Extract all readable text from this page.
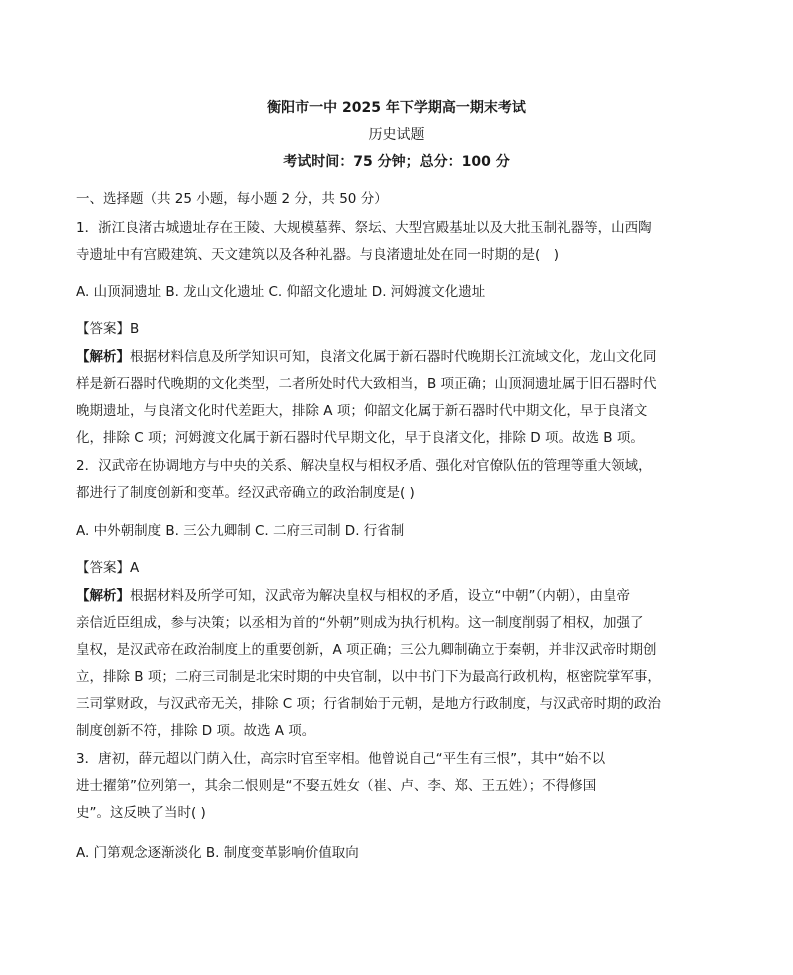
衡阳市一中 2025 年下学期高一期末考试
历史试题
考试时间：75 分钟；总分：100 分
一、选择题（共 25 小题，每小题 2 分，共 50 分）
1．浙江良渚古城遗址存在王陵、大规模墓葬、祭坛、大型宫殿基址以及大批玉制礼器等，山西陶
寺遗址中有宫殿建筑、天文建筑以及各种礼器。与良渚遗址处在同一时期的是(　)
A. 山顶洞遗址 B. 龙山文化遗址 C. 仰韶文化遗址 D. 河姆渡文化遗址
【答案】B
【解析】根据材料信息及所学知识可知，良渚文化属于新石器时代晚期长江流域文化，龙山文化同
样是新石器时代晚期的文化类型，二者所处时代大致相当，B 项正确；山顶洞遗址属于旧石器时代
晚期遗址，与良渚文化时代差距大，排除 A 项；仰韶文化属于新石器时代中期文化，早于良渚文
化，排除 C 项；河姆渡文化属于新石器时代早期文化，早于良渚文化，排除 D 项。故选 B 项。
2．汉武帝在协调地方与中央的关系、解决皇权与相权矛盾、强化对官僚队伍的管理等重大领域，
都进行了制度创新和变革。经汉武帝确立的政治制度是( )
A. 中外朝制度 B. 三公九卿制 C. 二府三司制 D. 行省制
【答案】A
【解析】根据材料及所学可知，汉武帝为解决皇权与相权的矛盾，设立“中朝”（内朝），由皇帝
亲信近臣组成，参与决策；以丞相为首的“外朝”则成为执行机构。这一制度削弱了相权，加强了
皇权，是汉武帝在政治制度上的重要创新，A 项正确；三公九卿制确立于秦朝，并非汉武帝时期创
立，排除 B 项；二府三司制是北宋时期的中央官制，以中书门下为最高行政机构，枢密院掌军事，
三司掌财政，与汉武帝无关，排除 C 项；行省制始于元朝，是地方行政制度，与汉武帝时期的政治
制度创新不符，排除 D 项。故选 A 项。
3．唐初，薛元超以门荫入仕，高宗时官至宰相。他曾说自己“平生有三恨”，其中“始不以
进士擢第”位列第一，其余二恨则是“不娶五姓女（崔、卢、李、郑、王五姓）；不得修国
史”。这反映了当时( )
A. 门第观念逐渐淡化 B. 制度变革影响价值取向
